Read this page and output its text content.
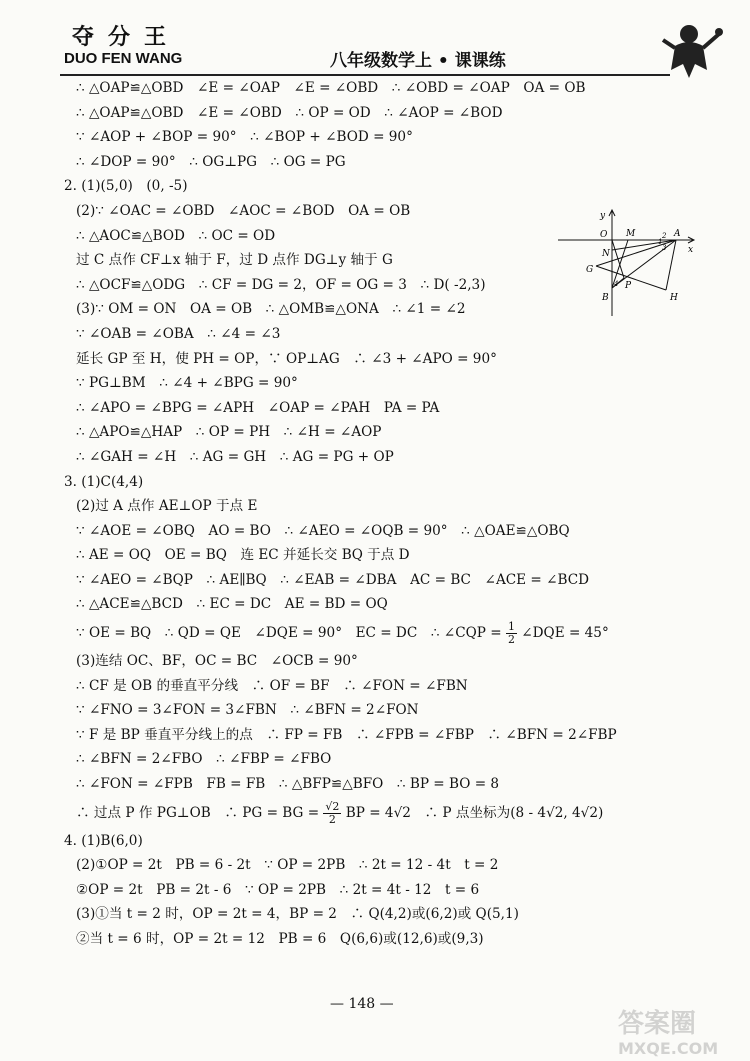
夺分王
DUO FEN WANG	八年级数学上 • 课课练
∴ △OAP≌△OBD　∠E = ∠OAP　∠E = ∠OBD　∴ ∠OBD = ∠OAP　OA = OB
∴ △OAP≌△OBD　∠E = ∠OBD　∴ OP = OD　∴ ∠AOP = ∠BOD
∵ ∠AOP + ∠BOP = 90°　∴ ∠BOP + ∠BOD = 90°
∴ ∠DOP = 90°　∴ OG⊥PG　∴ OG = PG
2. (1)(5,0)　(0, -5)
(2)∵ ∠OAC = ∠OBD　∠AOC = ∠BOD　OA = OB
∴ △AOC≌△BOD　∴ OC = OD
过 C 点作 CF⊥x 轴于 F，过 D 点作 DG⊥y 轴于 G
∴ △OCF≌△ODG　∴ CF = DG = 2，OF = OG = 3　∴ D( -2,3)
(3)∵ OM = ON　OA = OB　∴ △OMB≌△ONA　∴ ∠1 = ∠2
∵ ∠OAB = ∠OBA　∴ ∠4 = ∠3
延长 GP 至 H，使 PH = OP，∵ OP⊥AG　∴ ∠3 + ∠APO = 90°
∵ PG⊥BM　∴ ∠4 + ∠BPG = 90°
∴ ∠APO = ∠BPG = ∠APH　∠OAP = ∠PAH　PA = PA
∴ △APO≌△HAP　∴ OP = PH　∴ ∠H = ∠AOP
∴ ∠GAH = ∠H　∴ AG = GH　∴ AG = PG + OP
3. (1)C(4,4)
(2)过 A 点作 AE⊥OP 于点 E
∵ ∠AOE = ∠OBQ　AO = BO　∴ ∠AEO = ∠OQB = 90°　∴ △OAE≌△OBQ
∴ AE = OQ　OE = BQ　连 EC 并延长交 BQ 于点 D
∵ ∠AEO = ∠BQP　∴ AE∥BQ　∴ ∠EAB = ∠DBA　AC = BC　∠ACE = ∠BCD
∴ △ACE≌△BCD　∴ EC = DC　AE = BD = OQ
∵ OE = BQ　∴ QD = QE　∠DQE = 90°　EC = DC　∴ ∠CQP = $\frac{1}{2}$ ∠DQE = 45°
(3)连结 OC、BF，OC = BC　∠OCB = 90°
∴ CF 是 OB 的垂直平分线　∴ OF = BF　∴ ∠FON = ∠FBN
∵ ∠FNO = 3∠FON = 3∠FBN　∴ ∠BFN = 2∠FON
∵ F 是 BP 垂直平分线上的点　∴ FP = FB　∴ ∠FPB = ∠FBP　∴ ∠BFN = 2∠FBP
∴ ∠BFN = 2∠FBO　∴ ∠FBP = ∠FBO
∴ ∠FON = ∠FPB　FB = FB　∴ △BFP≌△BFO　∴ BP = BO = 8
∴ 过点 P 作 PG⊥OB　∴ PG = BG = $\frac{√2}{2}$ BP = 4√2　∴ P 点坐标为(8 - 4√2, 4√2)
4. (1)B(6,0)
(2)①OP = 2t　PB = 6 - 2t　∵ OP = 2PB　∴ 2t = 12 - 4t　t = 2
②OP = 2t　PB = 2t - 6　∵ OP = 2PB　∴ 2t = 4t - 12　t = 6
(3)①当 t = 2 时，OP = 2t = 4，BP = 2　∴ Q(4,2)或(6,2)或 Q(5,1)
②当 t = 6 时，OP = 2t = 12　PB = 6　Q(6,6)或(12,6)或(9,3)
y
O M	A
x
N
G
B
P
H
1
2
3
4
— 148 —
答案圈
MXQE.COM
